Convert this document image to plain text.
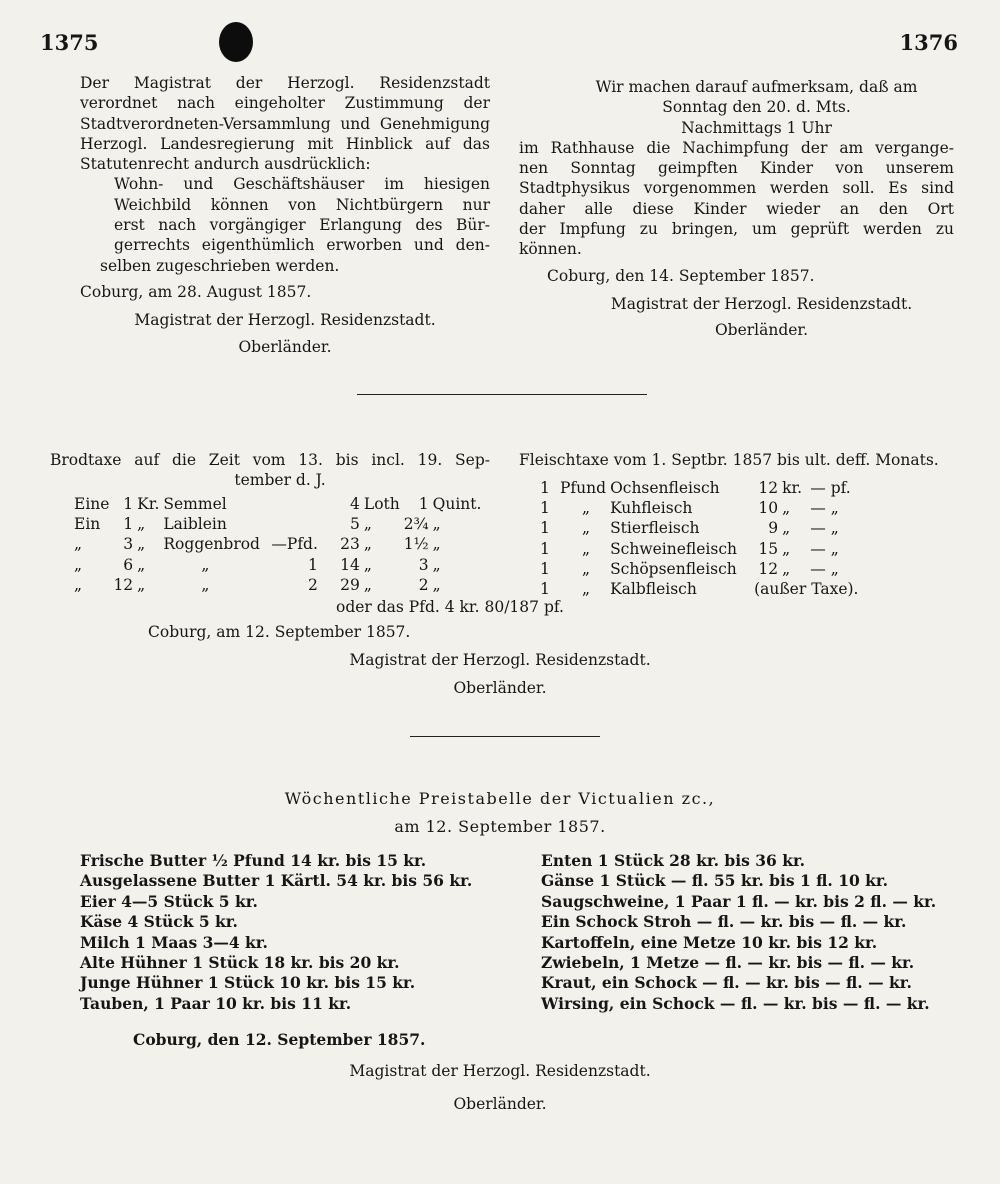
1375	1376
Der Magistrat der Herzogl. Residenzstadt
verordnet nach eingeholter Zustimmung der
Stadtverordneten-Versammlung und Genehmigung
Herzogl. Landesregierung mit Hinblick auf das
Statutenrecht andurch ausdrücklich:
Wohn- und Geschäftshäuser im hiesigen
Weichbild können von Nichtbürgern nur
erst nach vorgängiger Erlangung des Bür-
gerrechts eigenthümlich erworben und den-
selben zugeschrieben werden.
Coburg, am 28. August 1857.
Magistrat der Herzogl. Residenzstadt.
Oberländer.
Wir machen darauf aufmerksam, daß am
Sonntag den 20. d. Mts.
Nachmittags 1 Uhr
im Rathhause die Nachimpfung der am vergange-
nen Sonntag geimpften Kinder von unserem
Stadtphysikus vorgenommen werden soll. Es sind
daher alle diese Kinder wieder an den Ort
der Impfung zu bringen, um geprüft werden zu
können.
Coburg, den 14. September 1857.
Magistrat der Herzogl. Residenzstadt.
Oberländer.
Brodtaxe auf die Zeit vom 13. bis incl. 19. Sep-
tember d. J.
Eine	1	Kr.	Semmel		4	Loth	1	Quint.
Ein	1	„	Laiblein		5	„	2¾	„
„	3	„	Roggenbrod	—Pfd.	23	„	1½	„
„	6	„	„	1	14	„	3	„
„	12	„	„	2	29	„	2	„
oder das Pfd. 4 kr. 80/187 pf.
Fleischtaxe vom 1. Septbr. 1857 bis ult. deff. Monats.
1	Pfund	Ochsenfleisch	12	kr.	— pf.
1	„	Kuhfleisch	10	„	— „
1	„	Stierfleisch	9	„	— „
1	„	Schweinefleisch	15	„	— „
1	„	Schöpsenfleisch	12	„	— „
1	„	Kalbfleisch	(außer Taxe).		
Coburg, am 12. September 1857.
Magistrat der Herzogl. Residenzstadt.
Oberländer.
Wöchentliche Preistabelle der Victualien zc.,
am 12. September 1857.
Frische Butter ½ Pfund 14 kr. bis 15 kr.
Ausgelassene Butter 1 Kärtl. 54 kr. bis 56 kr.
Eier 4—5 Stück 5 kr.
Käse 4 Stück 5 kr.
Milch 1 Maas 3—4 kr.
Alte Hühner 1 Stück 18 kr. bis 20 kr.
Junge Hühner 1 Stück 10 kr. bis 15 kr.
Tauben, 1 Paar 10 kr. bis 11 kr.
Enten 1 Stück 28 kr. bis 36 kr.
Gänse 1 Stück — fl. 55 kr. bis 1 fl. 10 kr.
Saugschweine, 1 Paar 1 fl. — kr. bis 2 fl. — kr.
Ein Schock Stroh — fl. — kr. bis — fl. — kr.
Kartoffeln, eine Metze 10 kr. bis 12 kr.
Zwiebeln, 1 Metze — fl. — kr. bis — fl. — kr.
Kraut, ein Schock — fl. — kr. bis — fl. — kr.
Wirsing, ein Schock — fl. — kr. bis — fl. — kr.
Coburg, den 12. September 1857.
Magistrat der Herzogl. Residenzstadt.
Oberländer.
